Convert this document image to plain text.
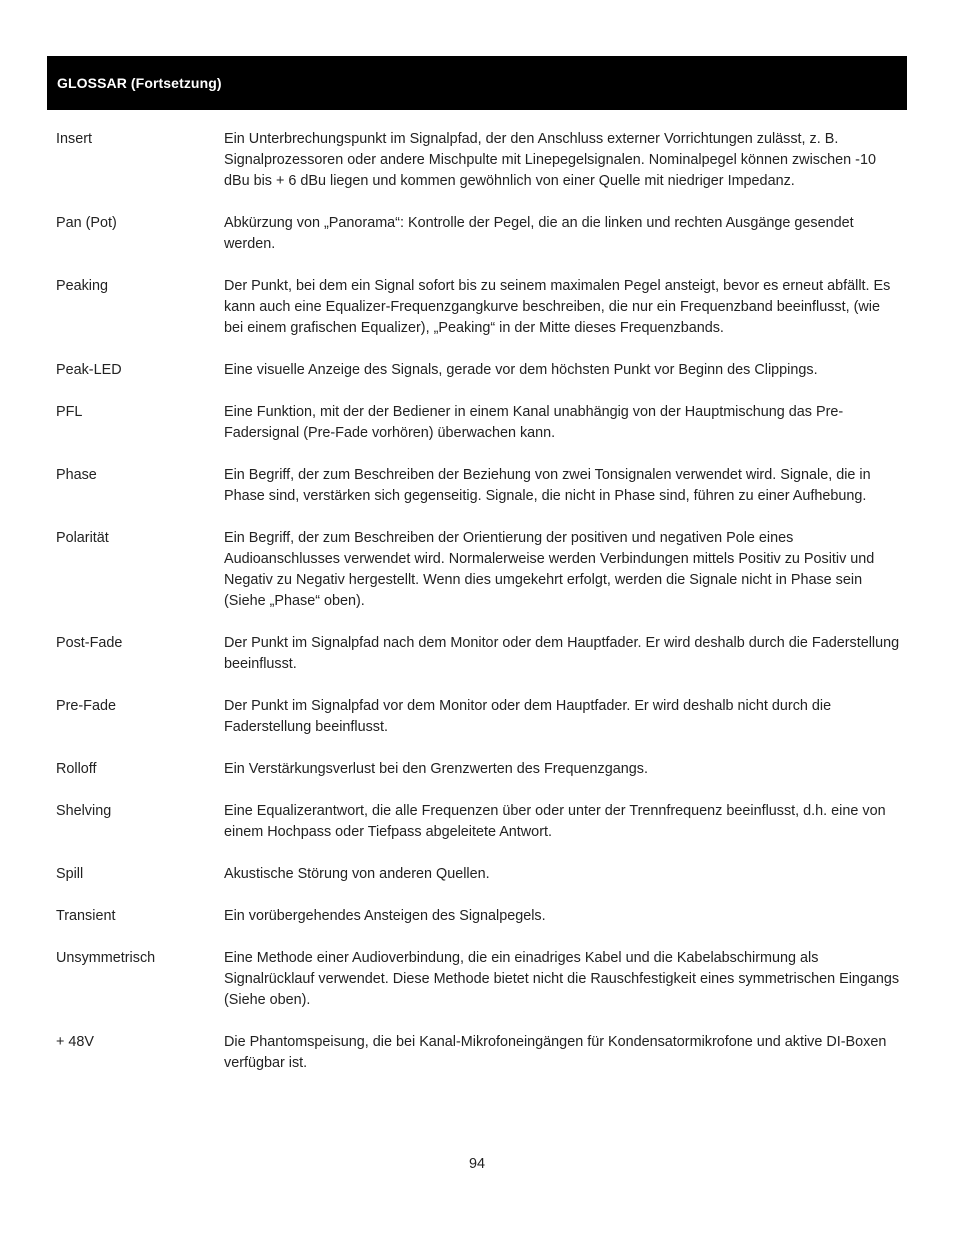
GLOSSAR (Fortsetzung)
Insert	Ein Unterbrechungspunkt im Signalpfad, der den Anschluss externer Vorrichtungen zulässt, z. B. Signalprozessoren oder andere Mischpulte mit Linepegelsignalen. Nominalpegel können zwischen -10 dBu bis + 6 dBu liegen und kommen gewöhnlich von einer Quelle mit niedriger Impedanz.
Pan (Pot)	Abkürzung von „Panorama“: Kontrolle der Pegel, die an die linken und rechten Ausgänge gesendet werden.
Peaking	Der Punkt, bei dem ein Signal sofort bis zu seinem maximalen Pegel ansteigt, bevor es erneut abfällt. Es kann auch eine Equalizer-Frequenzgangkurve beschreiben, die nur ein Frequenzband beeinflusst, (wie bei einem grafischen Equalizer), „Peaking“ in der Mitte dieses Frequenzbands.
Peak-LED	Eine visuelle Anzeige des Signals, gerade vor dem höchsten Punkt vor Beginn des Clippings.
PFL	Eine Funktion, mit der der Bediener in einem Kanal unabhängig von der Hauptmischung das Pre-Fadersignal (Pre-Fade vorhören) überwachen kann.
Phase	Ein Begriff, der zum Beschreiben der Beziehung von zwei Tonsignalen verwendet wird. Signale, die in Phase sind, verstärken sich gegenseitig. Signale, die nicht in Phase sind, führen zu einer Aufhebung.
Polarität	Ein Begriff, der zum Beschreiben der Orientierung der positiven und negativen Pole eines Audioanschlusses verwendet wird. Normalerweise werden Verbindungen mittels Positiv zu Positiv und Negativ zu Negativ hergestellt. Wenn dies umgekehrt erfolgt, werden die Signale nicht in Phase sein (Siehe „Phase“ oben).
Post-Fade	Der Punkt im Signalpfad nach dem Monitor oder dem Hauptfader. Er wird deshalb durch die Faderstellung beeinflusst.
Pre-Fade	Der Punkt im Signalpfad vor dem Monitor oder dem Hauptfader. Er wird deshalb nicht durch die Faderstellung beeinflusst.
Rolloff	Ein Verstärkungsverlust bei den Grenzwerten des Frequenzgangs.
Shelving	Eine Equalizerantwort, die alle Frequenzen über oder unter der Trennfrequenz beeinflusst, d.h. eine von einem Hochpass oder Tiefpass abgeleitete Antwort.
Spill	Akustische Störung von anderen Quellen.
Transient	Ein vorübergehendes Ansteigen des Signalpegels.
Unsymmetrisch	Eine Methode einer Audioverbindung, die ein einadriges Kabel und die Kabelabschirmung als Signalrücklauf verwendet. Diese Methode bietet nicht die Rauschfestigkeit eines symmetrischen Eingangs (Siehe oben).
+ 48V	Die Phantomspeisung, die bei Kanal-Mikrofoneingängen für Kondensatormikrofone und aktive DI-Boxen verfügbar ist.
94
